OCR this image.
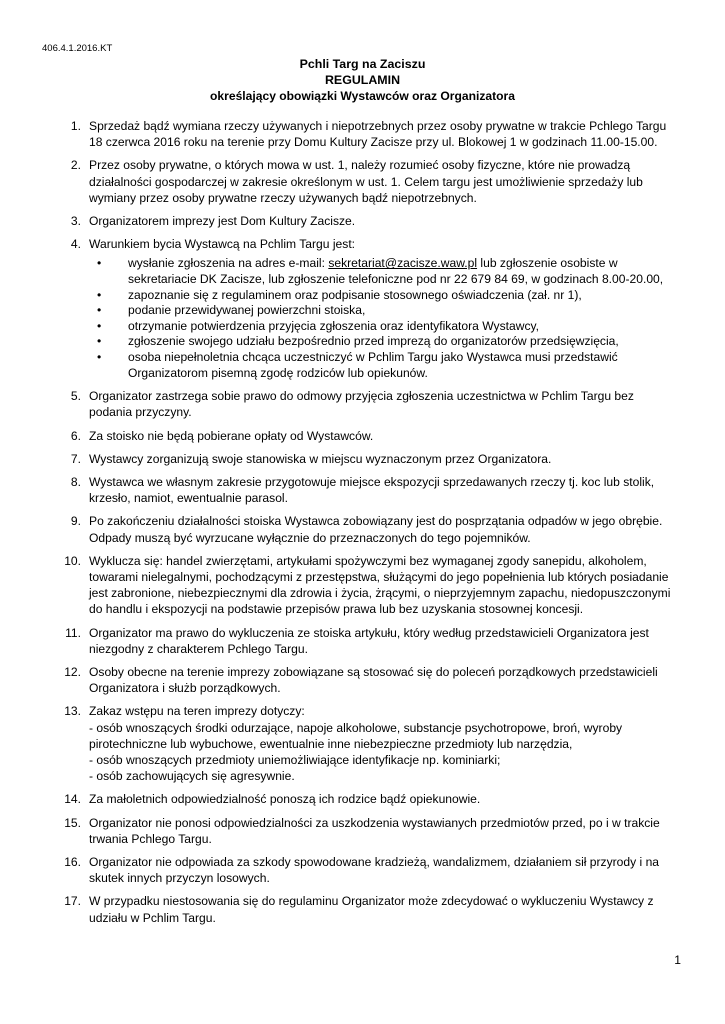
406.4.1.2016.KT
Pchli Targ na Zaciszu
REGULAMIN
określający obowiązki Wystawców oraz Organizatora
1. Sprzedaż bądź wymiana rzeczy używanych i niepotrzebnych przez osoby prywatne w trakcie Pchlego Targu 18 czerwca 2016 roku na terenie przy Domu Kultury Zacisze przy ul. Blokowej 1 w godzinach 11.00-15.00.
2. Przez osoby prywatne, o których mowa w ust. 1, należy rozumieć osoby fizyczne, które nie prowadzą działalności gospodarczej w zakresie określonym w ust. 1. Celem targu jest umożliwienie sprzedaży lub wymiany przez osoby prywatne rzeczy używanych bądź niepotrzebnych.
3. Organizatorem imprezy jest Dom Kultury Zacisze.
4. Warunkiem bycia Wystawcą na Pchlim Targu jest:
• wysłanie zgłoszenia na adres e-mail: sekretariat@zacisze.waw.pl lub zgłoszenie osobiste w sekretariacie DK Zacisze, lub zgłoszenie telefoniczne pod nr 22 679 84 69, w godzinach 8.00-20.00,
• zapoznanie się z regulaminem oraz podpisanie stosownego oświadczenia (zał. nr 1),
• podanie przewidywanej powierzchni stoiska,
• otrzymanie potwierdzenia przyjęcia zgłoszenia oraz identyfikatora Wystawcy,
• zgłoszenie swojego udziału bezpośrednio przed imprezą do organizatorów przedsięwzięcia,
• osoba niepełnoletnia chcąca uczestniczyć w Pchlim Targu jako Wystawca musi przedstawić Organizatorom pisemną zgodę rodziców lub opiekunów.
5. Organizator zastrzega sobie prawo do odmowy przyjęcia zgłoszenia uczestnictwa w Pchlim Targu bez podania przyczyny.
6. Za stoisko nie będą pobierane opłaty od Wystawców.
7. Wystawcy zorganizują swoje stanowiska w miejscu wyznaczonym przez Organizatora.
8. Wystawca we własnym zakresie przygotowuje miejsce ekspozycji sprzedawanych rzeczy tj. koc lub stolik, krzesło, namiot, ewentualnie parasol.
9. Po zakończeniu działalności stoiska Wystawca zobowiązany jest do posprzątania odpadów w jego obrębie. Odpady muszą być wyrzucane wyłącznie do przeznaczonych do tego pojemników.
10. Wyklucza się: handel zwierzętami, artykułami spożywczymi bez wymaganej zgody sanepidu, alkoholem, towarami nielegalnymi, pochodzącymi z przestępstwa, służącymi do jego popełnienia lub których posiadanie jest zabronione, niebezpiecznymi dla zdrowia i życia, żrącymi, o nieprzyjemnym zapachu, niedopuszczonymi do handlu i ekspozycji na podstawie przepisów prawa lub bez uzyskania stosownej koncesji.
11. Organizator ma prawo do wykluczenia ze stoiska artykułu, który według przedstawicieli Organizatora jest niezgodny z charakterem Pchlego Targu.
12. Osoby obecne na terenie imprezy zobowiązane są stosować się do poleceń porządkowych przedstawicieli Organizatora i służb porządkowych.
13. Zakaz wstępu na teren imprezy dotyczy:
- osób wnoszących środki odurzające, napoje alkoholowe, substancje psychotropowe, broń, wyroby pirotechniczne lub wybuchowe, ewentualnie inne niebezpieczne przedmioty lub narzędzia,
- osób wnoszących przedmioty uniemożliwiające identyfikacje np. kominiarki;
- osób zachowujących się agresywnie.
14. Za małoletnich odpowiedzialność ponoszą ich rodzice bądź opiekunowie.
15. Organizator nie ponosi odpowiedzialności za uszkodzenia wystawianych przedmiotów przed, po i w trakcie trwania Pchlego Targu.
16. Organizator nie odpowiada za szkody spowodowane kradzieżą, wandalizmem, działaniem sił przyrody i na skutek innych przyczyn losowych.
17. W przypadku niestosowania się do regulaminu Organizator może zdecydować o wykluczeniu Wystawcy z udziału w Pchlim Targu.
1
